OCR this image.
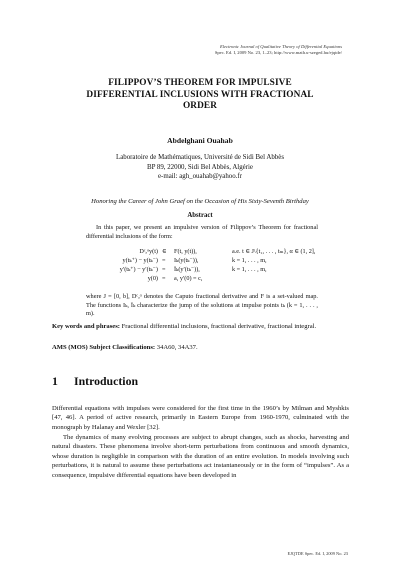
Electronic Journal of Qualitative Theory of Differential Equations
Spec. Ed. I, 2009 No. 23, 1–23; http://www.math.u-szeged.hu/ejqtde/
FILIPPOV’S THEOREM FOR IMPULSIVE
DIFFERENTIAL INCLUSIONS WITH FRACTIONAL
ORDER
Abdelghani Ouahab
Laboratoire de Mathématiques, Université de Sidi Bel Abbès
BP 89, 22000, Sidi Bel Abbès, Algérie
e-mail: agh_ouahab@yahoo.fr
Honoring the Career of John Graef on the Occasion of His Sixty-Seventh Birthday
Abstract
In this paper, we present an impulsive version of Filippov’s Theorem for fractional differential inclusions of the form:
Dᶜₐᵅy(t) ∈ F(t, y(t)),	a.e. t ∈ J\{t₁, . . . , tₘ}, α ∈ (1, 2],
y(tₖ⁺) − y(tₖ⁻) = Iₖ(y(tₖ⁻)),	k = 1, . . . , m,
y′(tₖ⁺) − y′(tₖ⁻) = Īₖ(y′(tₖ⁻)),	k = 1, . . . , m,
y(0) = a, y′(0) = c,
where J = [0, b], Dᶜₐᵅ denotes the Caputo fractional derivative and F is a set-valued map. The functions Iₖ, Īₖ characterize the jump of the solutions at impulse points tₖ (k = 1, . . . , m).
Key words and phrases: Fractional differential inclusions, fractional derivative, fractional integral.
AMS (MOS) Subject Classifications: 34A60, 34A37.
1 Introduction
Differential equations with impulses were considered for the first time in the 1960’s by Milman and Myshkis [47, 46]. A period of active research, primarily in Eastern Europe from 1960-1970, culminated with the monograph by Halanay and Wexler [32].
The dynamics of many evolving processes are subject to abrupt changes, such as shocks, harvesting and natural disasters. These phenomena involve short-term perturbations from continuous and smooth dynamics, whose duration is negligible in comparison with the duration of an entire evolution. In models involving such perturbations, it is natural to assume these perturbations act instantaneously or in the form of “impulses”. As a consequence, impulsive differential equations have been developed in
EJQTDE Spec. Ed. I, 2009 No. 23
